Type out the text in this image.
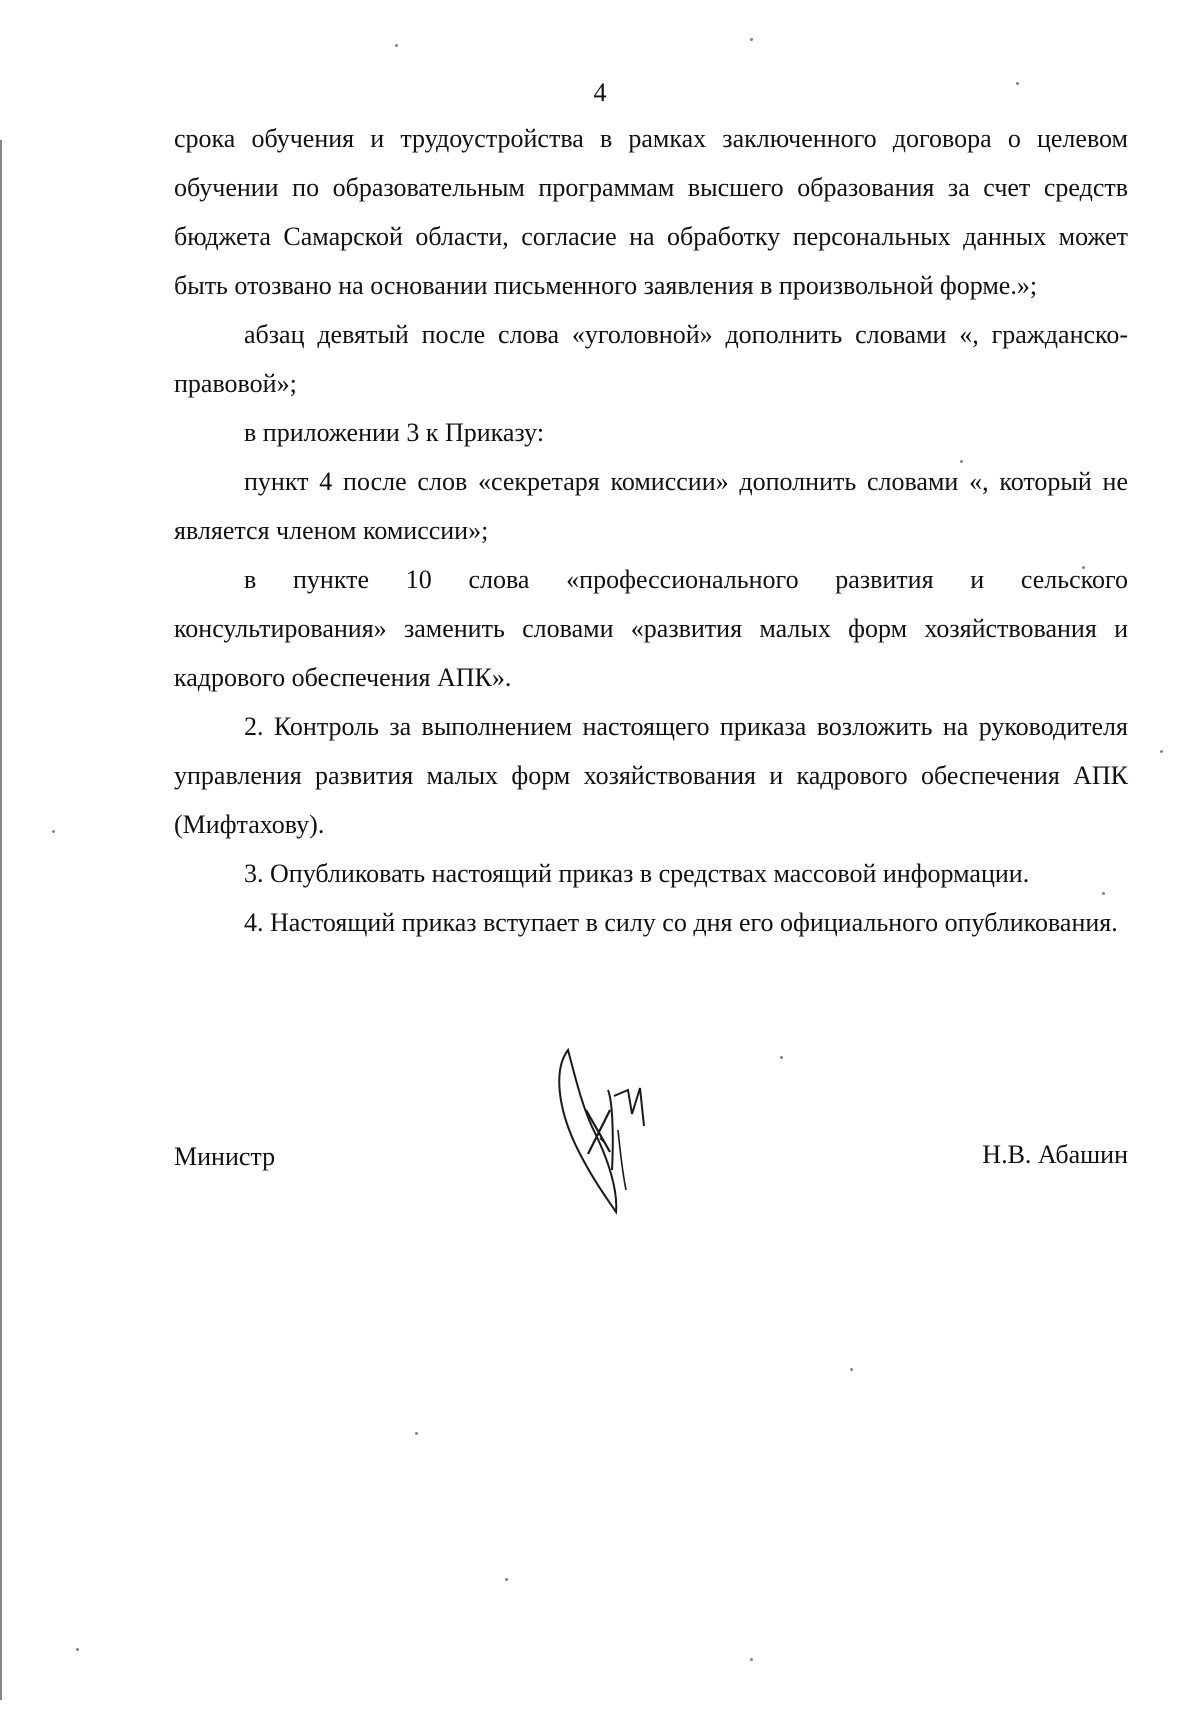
4

срока обучения и трудоустройства в рамках заключенного договора о целевом обучении по образовательным программам высшего образования за счет средств бюджета Самарской области, согласие на обработку персональных данных может быть отозвано на основании письменного заявления в произвольной форме.»;

абзац девятый после слова «уголовной» дополнить словами «, гражданско-правовой»;

в приложении 3 к Приказу:

пункт 4 после слов «секретаря комиссии» дополнить словами «, который не является членом комиссии»;

в пункте 10 слова «профессионального развития и сельского консультирования» заменить словами «развития малых форм хозяйствования и кадрового обеспечения АПК».

2. Контроль за выполнением настоящего приказа возложить на руководителя управления развития малых форм хозяйствования и кадрового обеспечения АПК (Мифтахову).

3. Опубликовать настоящий приказ в средствах массовой информации.

4. Настоящий приказ вступает в силу со дня его официального опубликования.

Министр	Н.В. Абашин
